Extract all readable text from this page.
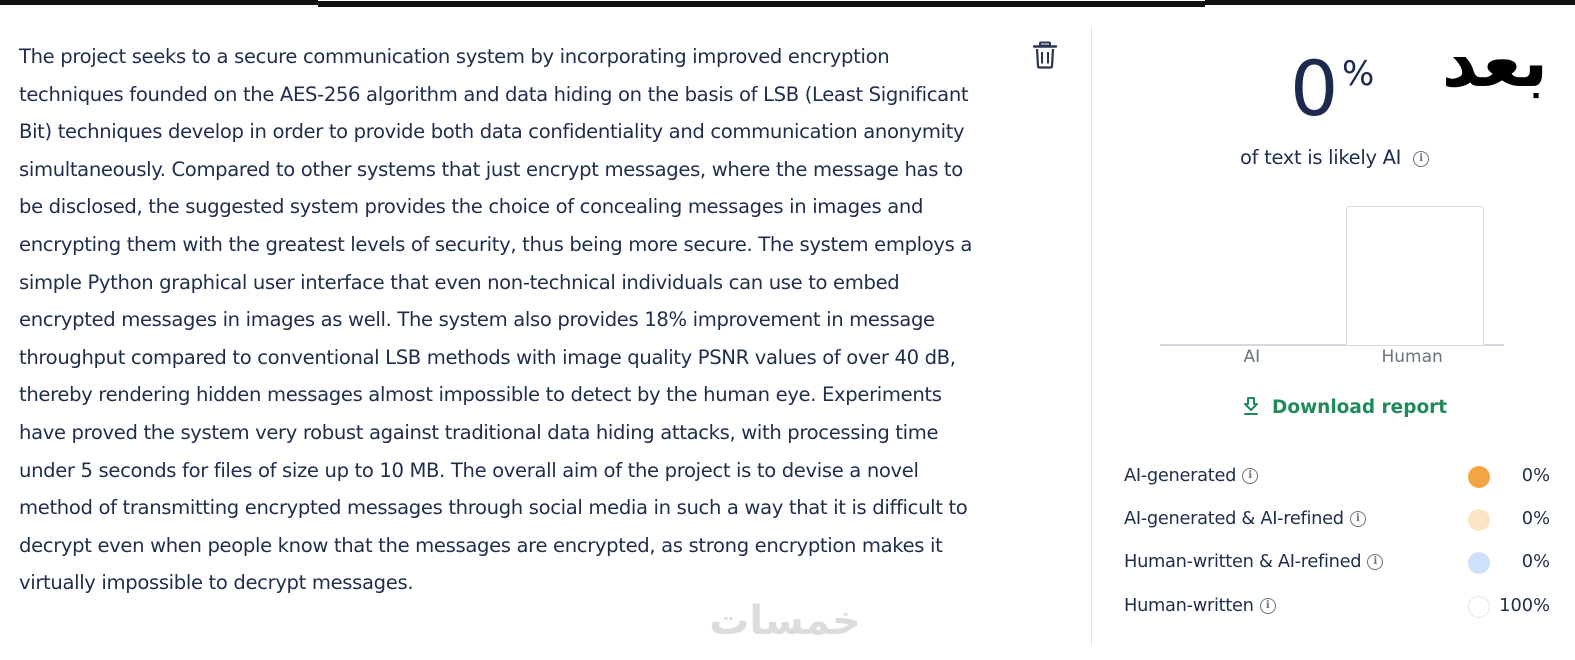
The project seeks to a secure communication system by incorporating improved encryption
techniques founded on the AES-256 algorithm and data hiding on the basis of LSB (Least Significant
Bit) techniques develop in order to provide both data confidentiality and communication anonymity
simultaneously. Compared to other systems that just encrypt messages, where the message has to
be disclosed, the suggested system provides the choice of concealing messages in images and
encrypting them with the greatest levels of security, thus being more secure. The system employs a
simple Python graphical user interface that even non-technical individuals can use to embed
encrypted messages in images as well. The system also provides 18% improvement in message
throughput compared to conventional LSB methods with image quality PSNR values of over 40 dB,
thereby rendering hidden messages almost impossible to detect by the human eye. Experiments
have proved the system very robust against traditional data hiding attacks, with processing time
under 5 seconds for files of size up to 10 MB. The overall aim of the project is to devise a novel
method of transmitting encrypted messages through social media in such a way that it is difficult to
decrypt even when people know that the messages are encrypted, as strong encryption makes it
virtually impossible to decrypt messages.
خمسات
0 % بعد
of text is likely AI i
AI	Human
Download report
AI-generated i	0%
AI-generated & AI-refined i	0%
Human-written & AI-refined i	0%
Human-written i	100%
